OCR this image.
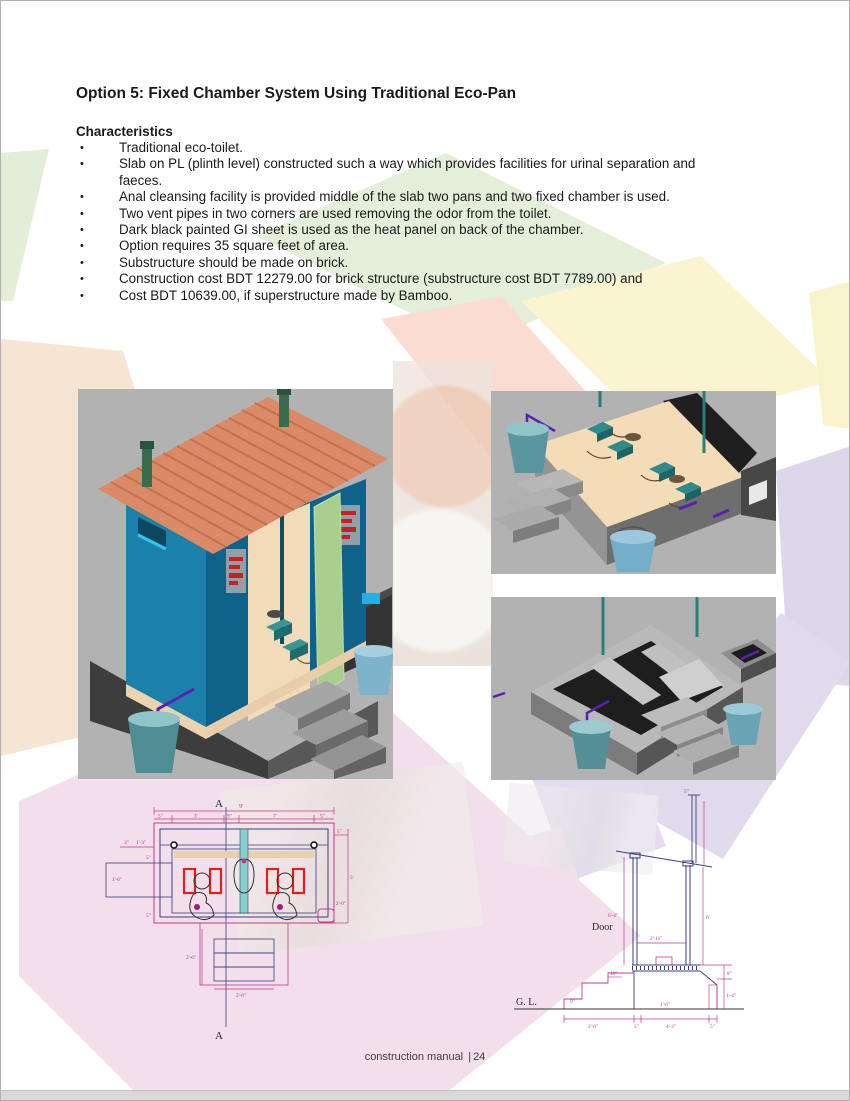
Option 5: Fixed Chamber System Using Traditional Eco-Pan
Characteristics
•	Traditional eco-toilet.
•	Slab on PL (plinth level) constructed such a way which provides facilities for urinal separation and faeces.
•	Anal cleansing facility is provided middle of the slab two pans and two fixed chamber is used.
•	Two vent pipes in two corners are used removing the odor from the toilet.
•	Dark black painted GI sheet is used as the heat panel on back of the chamber.
•	Option requires 35 square feet of area.
•	Substructure should be made on brick.
•	Construction cost BDT 12279.00 for brick structure (substructure cost BDT 7789.00) and
•	Cost BDT 10639.00, if superstructure made by Bamboo.
A
A
9'
5"	3'	9"	7'	5"
3" 1'-3"
5"
1'-6"
5"
5'
2'-0"
5"
2'-6"
2'-6"
5"
Door
6'-4"	6'
2'-11"
10"
9"
G. L.
8"
1'-4"
1'-6"
2'-6"	5"	4'-2"	5"
construction manual | 24
